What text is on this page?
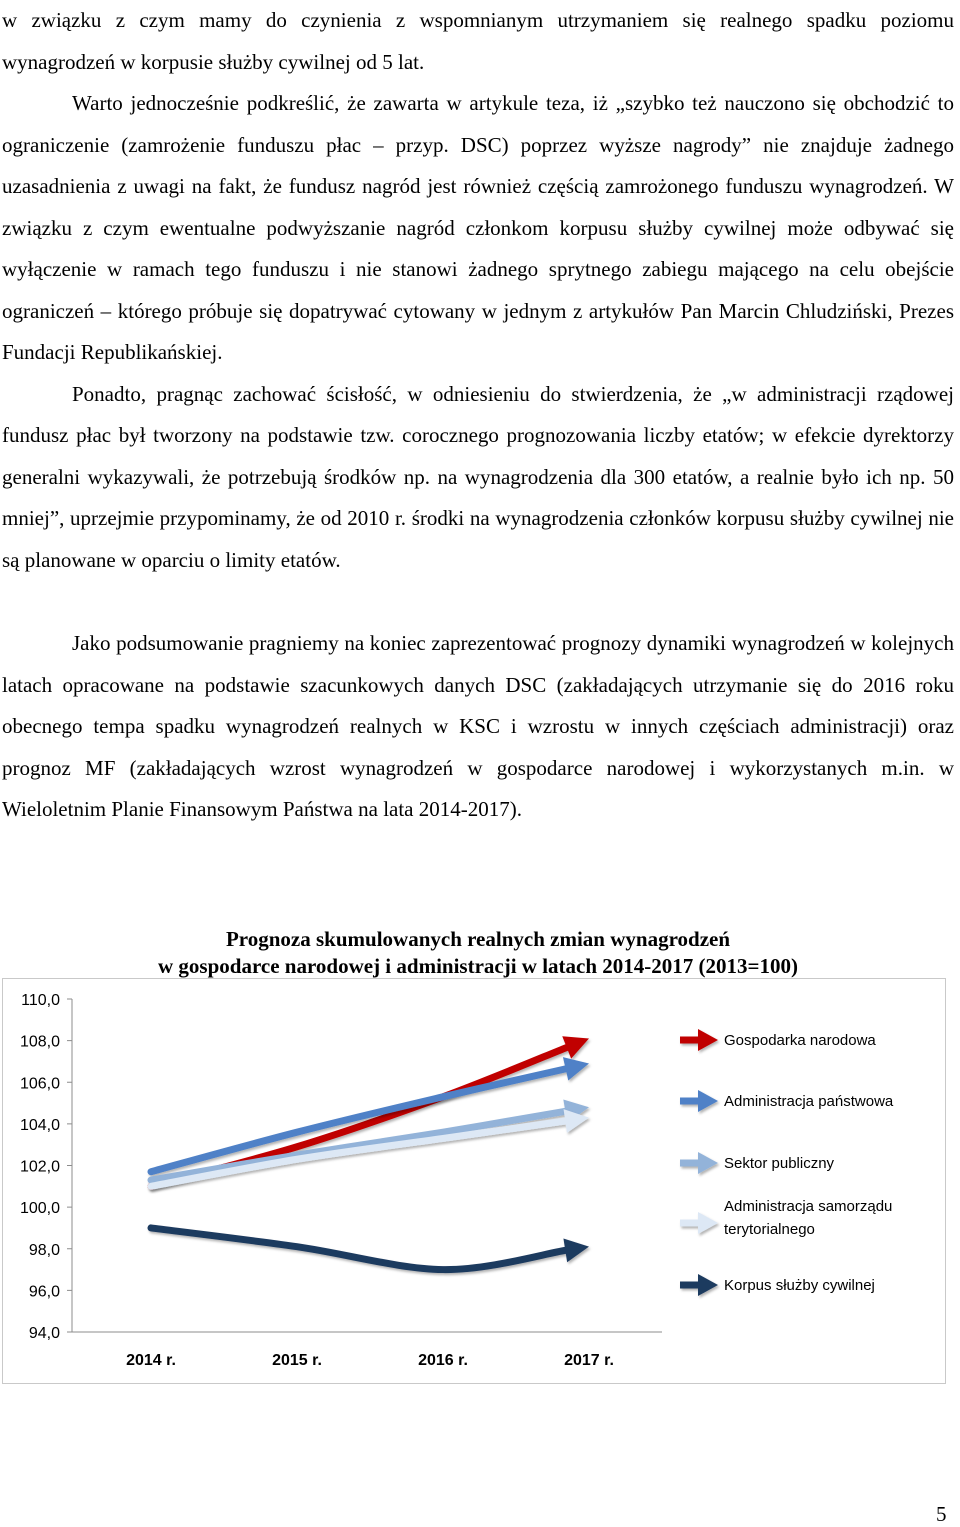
w związku z czym mamy do czynienia z wspomnianym utrzymaniem się realnego spadku poziomu wynagrodzeń w korpusie służby cywilnej od 5 lat.

Warto jednocześnie podkreślić, że zawarta w artykule teza, iż „szybko też nauczono się obchodzić to ograniczenie (zamrożenie funduszu płac – przyp. DSC) poprzez wyższe nagrody” nie znajduje żadnego uzasadnienia z uwagi na fakt, że fundusz nagród jest również częścią zamrożonego funduszu wynagrodzeń. W związku z czym ewentualne podwyższanie nagród członkom korpusu służby cywilnej może odbywać się wyłączenie w ramach tego funduszu i nie stanowi żadnego sprytnego zabiegu mającego na celu obejście ograniczeń – którego próbuje się dopatrywać cytowany w jednym z artykułów Pan Marcin Chludziński, Prezes Fundacji Republikańskiej.

Ponadto, pragnąc zachować ścisłość, w odniesieniu do stwierdzenia, że „w administracji rządowej fundusz płac był tworzony na podstawie tzw. corocznego prognozowania liczby etatów; w efekcie dyrektorzy generalni wykazywali, że potrzebują środków np. na wynagrodzenia dla 300 etatów, a realnie było ich np. 50 mniej”, uprzejmie przypominamy, że od 2010 r. środki na wynagrodzenia członków korpusu służby cywilnej nie są planowane w oparciu o limity etatów.

Jako podsumowanie pragniemy na koniec zaprezentować prognozy dynamiki wynagrodzeń w kolejnych latach opracowane na podstawie szacunkowych danych DSC (zakładających utrzymanie się do 2016 roku obecnego tempa spadku wynagrodzeń realnych w KSC i wzrostu w innych częściach administracji) oraz prognoz MF (zakładających wzrost wynagrodzeń w gospodarce narodowej i wykorzystanych m.in. w Wieloletnim Planie Finansowym Państwa na lata 2014-2017).

Prognoza skumulowanych realnych zmian wynagrodzeń
w gospodarce narodowej i administracji w latach 2014-2017 (2013=100)
110,0
108,0
106,0
104,0
102,0
100,0
98,0
96,0
94,0
2014 r.	2015 r.	2016 r.	2017 r.
Gospodarka narodowa
Administracja państwowa
Sektor publiczny
Administracja samorządu
terytorialnego
Korpus służby cywilnej
5
